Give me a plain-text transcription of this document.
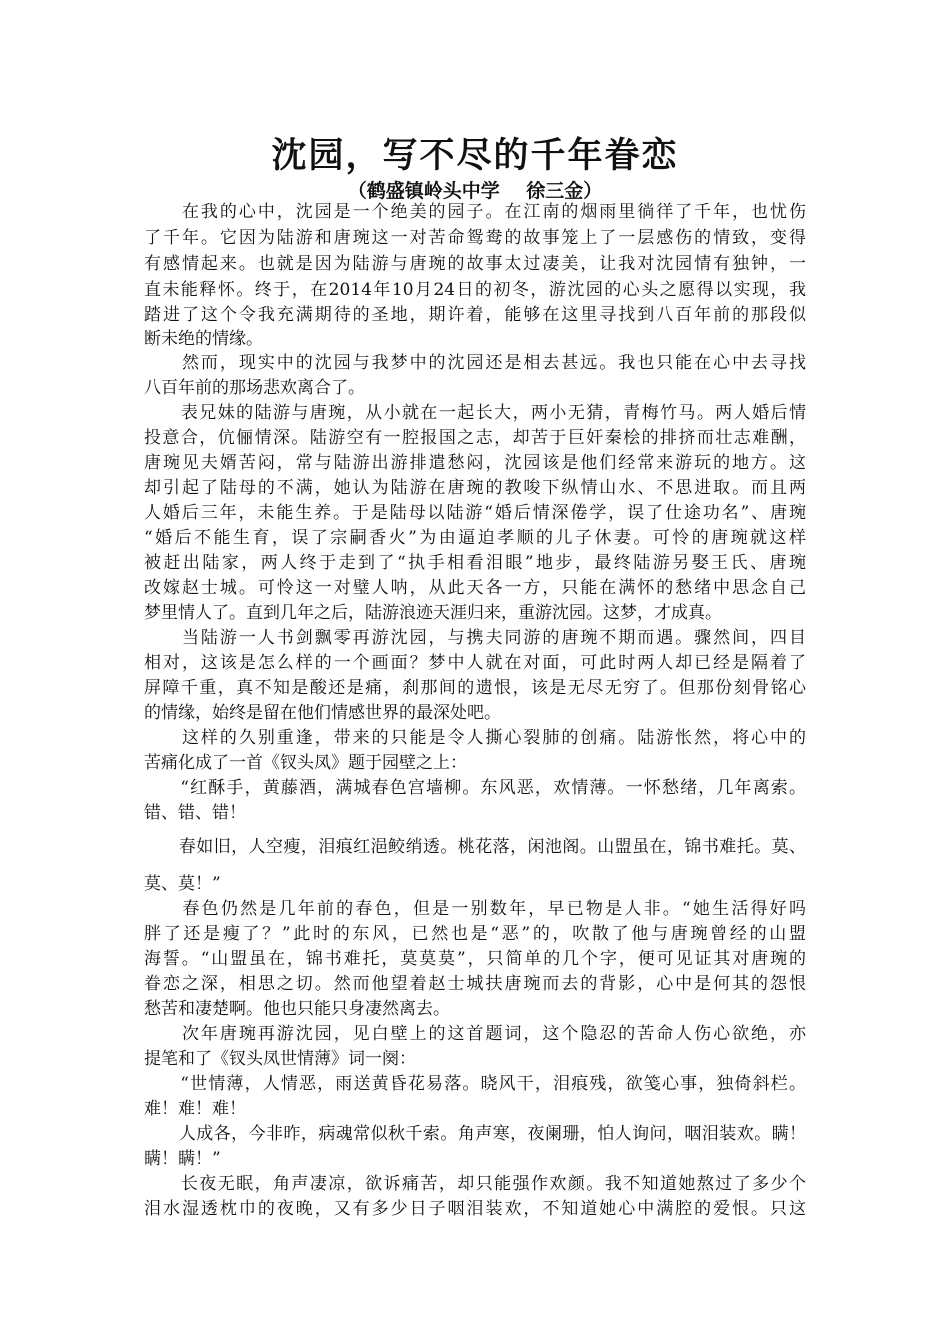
沈园，写不尽的千年眷恋
（鹤盛镇岭头中学    徐三金）
　　在我的心中，沈园是一个绝美的园子。在江南的烟雨里徜徉了千年，也忧伤
了千年。它因为陆游和唐琬这一对苦命鸳鸯的故事笼上了一层感伤的情致，变得
有感情起来。也就是因为陆游与唐琬的故事太过凄美，让我对沈园情有独钟，一
直未能释怀。终于，在2014年10月24日的初冬，游沈园的心头之愿得以实现，我
踏进了这个令我充满期待的圣地，期许着，能够在这里寻找到八百年前的那段似
断未绝的情缘。
　　然而，现实中的沈园与我梦中的沈园还是相去甚远。我也只能在心中去寻找
八百年前的那场悲欢离合了。
　　表兄妹的陆游与唐琬，从小就在一起长大，两小无猜，青梅竹马。两人婚后情
投意合，伉俪情深。陆游空有一腔报国之志，却苦于巨奸秦桧的排挤而壮志难酬，
唐琬见夫婿苦闷，常与陆游出游排遣愁闷，沈园该是他们经常来游玩的地方。这
却引起了陆母的不满，她认为陆游在唐琬的教唆下纵情山水、不思进取。而且两
人婚后三年，未能生养。于是陆母以陆游“婚后情深倦学，误了仕途功名”、唐琬
“婚后不能生育，误了宗嗣香火”为由逼迫孝顺的儿子休妻。可怜的唐琬就这样
被赶出陆家，两人终于走到了“执手相看泪眼”地步，最终陆游另娶王氏、唐琬
改嫁赵士城。可怜这一对璧人呐，从此天各一方，只能在满怀的愁绪中思念自己
梦里情人了。直到几年之后，陆游浪迹天涯归来，重游沈园。这梦，才成真。
　　当陆游一人书剑飘零再游沈园，与携夫同游的唐琬不期而遇。骤然间，四目
相对，这该是怎么样的一个画面？梦中人就在对面，可此时两人却已经是隔着了
屏障千重，真不知是酸还是痛，刹那间的遗恨，该是无尽无穷了。但那份刻骨铭心
的情缘，始终是留在他们情感世界的最深处吧。
　　这样的久别重逢，带来的只能是令人撕心裂肺的创痛。陆游怅然，将心中的
苦痛化成了一首《钗头凤》题于园壁之上：
　　“红酥手，黄藤酒，满城春色宫墙柳。东风恶，欢情薄。一怀愁绪，几年离索。
错、错、错！
　　春如旧，人空瘦，泪痕红浥鲛绡透。桃花落，闲池阁。山盟虽在，锦书难托。莫、
莫、莫！”
　　春色仍然是几年前的春色，但是一别数年，早已物是人非。“她生活得好吗
胖了还是瘦了？”此时的东风，已然也是“恶”的，吹散了他与唐琬曾经的山盟
海誓。“山盟虽在，锦书难托，莫莫莫”，只简单的几个字，便可见证其对唐琬的
眷恋之深，相思之切。然而他望着赵士城扶唐琬而去的背影，心中是何其的怨恨
愁苦和凄楚啊。他也只能只身凄然离去。
　　次年唐琬再游沈园，见白壁上的这首题词，这个隐忍的苦命人伤心欲绝，亦
提笔和了《钗头凤世情薄》词一阕：
　　“世情薄，人情恶，雨送黄昏花易落。晓风干，泪痕残，欲笺心事，独倚斜栏。
难！难！难！
　　人成各，今非昨，病魂常似秋千索。角声寒，夜阑珊，怕人询问，咽泪装欢。瞒！
瞒！瞒！”
　　长夜无眠，角声凄凉，欲诉痛苦，却只能强作欢颜。我不知道她熬过了多少个
泪水湿透枕巾的夜晚，又有多少日子咽泪装欢，不知道她心中满腔的爱恨。只这
